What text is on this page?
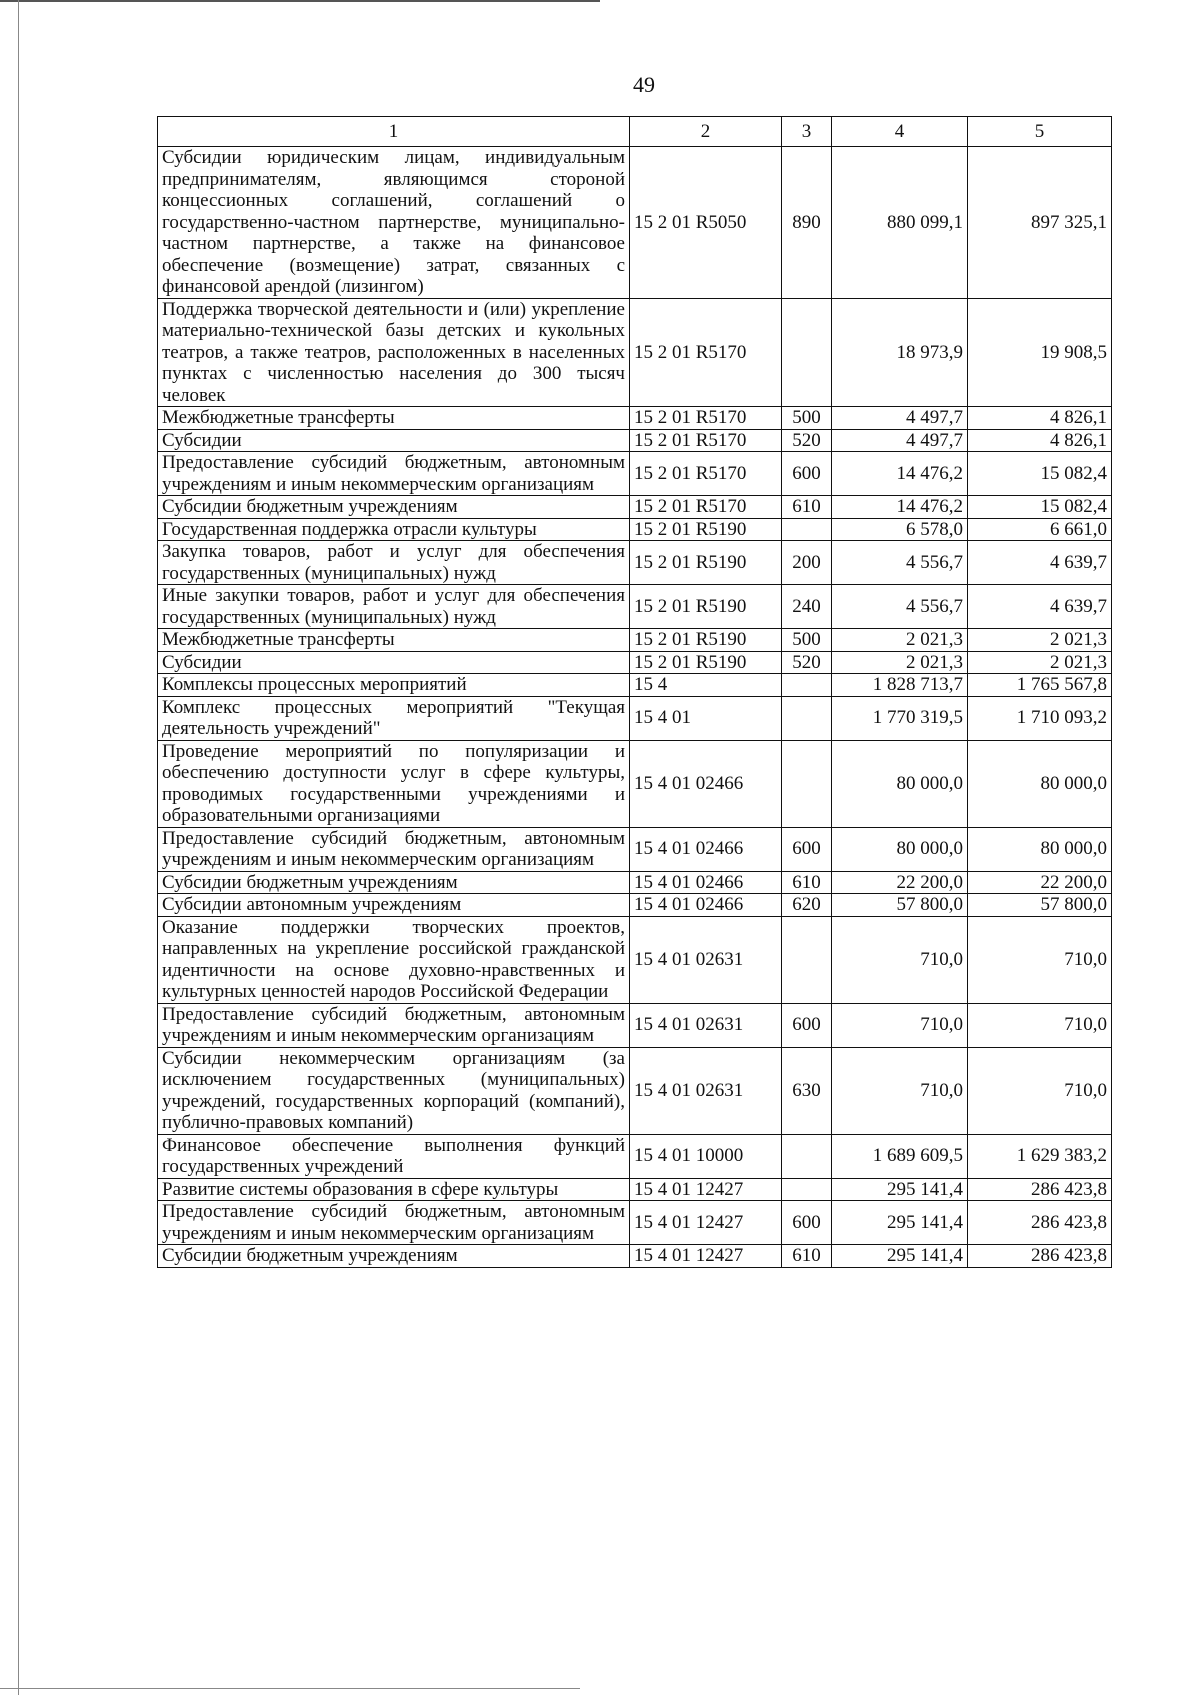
49
1	2	3	4	5
Субсидии юридическим лицам, индивидуальным предпринимателям, являющимся стороной концессионных соглашений, соглашений о государственно-частном партнерстве, муниципально-частном партнерстве, а также на финансовое обеспечение (возмещение) затрат, связанных с финансовой арендой (лизингом)	15 2 01 R5050	890	880 099,1	897 325,1
Поддержка творческой деятельности и (или) укрепление материально-технической базы детских и кукольных театров, а также театров, расположенных в населенных пунктах с численностью населения до 300 тысяч человек	15 2 01 R5170		18 973,9	19 908,5
Межбюджетные трансферты	15 2 01 R5170	500	4 497,7	4 826,1
Субсидии	15 2 01 R5170	520	4 497,7	4 826,1
Предоставление субсидий бюджетным, автономным учреждениям и иным некоммерческим организациям	15 2 01 R5170	600	14 476,2	15 082,4
Субсидии бюджетным учреждениям	15 2 01 R5170	610	14 476,2	15 082,4
Государственная поддержка отрасли культуры	15 2 01 R5190		6 578,0	6 661,0
Закупка товаров, работ и услуг для обеспечения государственных (муниципальных) нужд	15 2 01 R5190	200	4 556,7	4 639,7
Иные закупки товаров, работ и услуг для обеспечения государственных (муниципальных) нужд	15 2 01 R5190	240	4 556,7	4 639,7
Межбюджетные трансферты	15 2 01 R5190	500	2 021,3	2 021,3
Субсидии	15 2 01 R5190	520	2 021,3	2 021,3
Комплексы процессных мероприятий	15 4		1 828 713,7	1 765 567,8
Комплекс процессных мероприятий "Текущая деятельность учреждений"	15 4 01		1 770 319,5	1 710 093,2
Проведение мероприятий по популяризации и обеспечению доступности услуг в сфере культуры, проводимых государственными учреждениями и образовательными организациями	15 4 01 02466		80 000,0	80 000,0
Предоставление субсидий бюджетным, автономным учреждениям и иным некоммерческим организациям	15 4 01 02466	600	80 000,0	80 000,0
Субсидии бюджетным учреждениям	15 4 01 02466	610	22 200,0	22 200,0
Субсидии автономным учреждениям	15 4 01 02466	620	57 800,0	57 800,0
Оказание поддержки творческих проектов, направленных на укрепление российской гражданской идентичности на основе духовно-нравственных и культурных ценностей народов Российской Федерации	15 4 01 02631		710,0	710,0
Предоставление субсидий бюджетным, автономным учреждениям и иным некоммерческим организациям	15 4 01 02631	600	710,0	710,0
Субсидии некоммерческим организациям (за исключением государственных (муниципальных) учреждений, государственных корпораций (компаний), публично-правовых компаний)	15 4 01 02631	630	710,0	710,0
Финансовое обеспечение выполнения функций государственных учреждений	15 4 01 10000		1 689 609,5	1 629 383,2
Развитие системы образования в сфере культуры	15 4 01 12427		295 141,4	286 423,8
Предоставление субсидий бюджетным, автономным учреждениям и иным некоммерческим организациям	15 4 01 12427	600	295 141,4	286 423,8
Субсидии бюджетным учреждениям	15 4 01 12427	610	295 141,4	286 423,8
